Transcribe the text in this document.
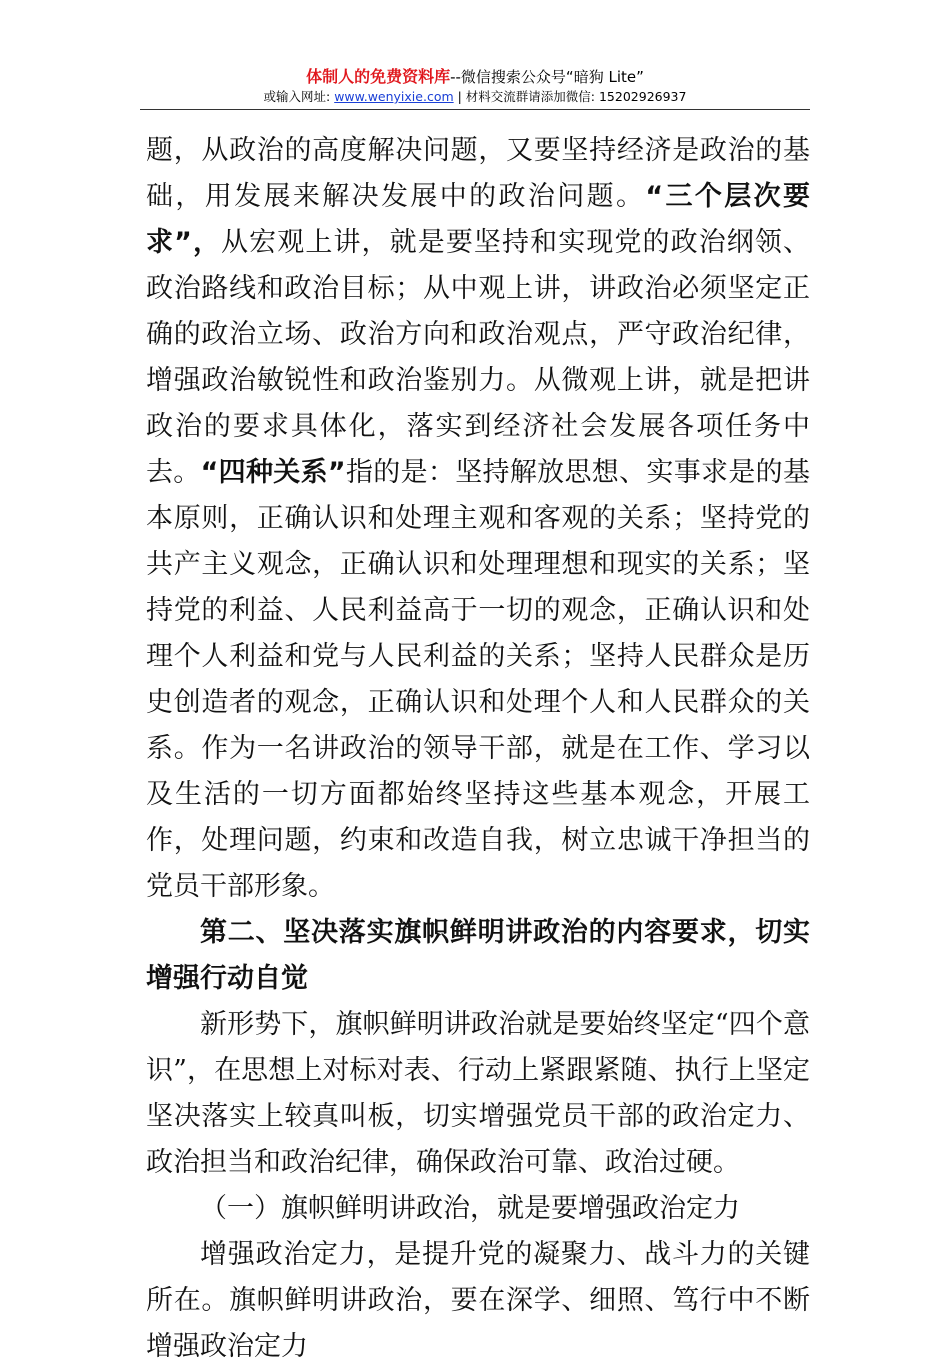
体制人的免费资料库--微信搜索公众号“暗狗 Lite”
或输入网址: www.wenyixie.com | 材料交流群请添加微信: 15202926937

题，从政治的高度解决问题，又要坚持经济是政治的基础，用发展来解决发展中的政治问题。“三个层次要求”，从宏观上讲，就是要坚持和实现党的政治纲领、政治路线和政治目标；从中观上讲，讲政治必须坚定正确的政治立场、政治方向和政治观点，严守政治纪律，增强政治敏锐性和政治鉴别力。从微观上讲，就是把讲政治的要求具体化，落实到经济社会发展各项任务中去。“四种关系”指的是：坚持解放思想、实事求是的基本原则，正确认识和处理主观和客观的关系；坚持党的共产主义观念，正确认识和处理理想和现实的关系；坚持党的利益、人民利益高于一切的观念，正确认识和处理个人利益和党与人民利益的关系；坚持人民群众是历史创造者的观念，正确认识和处理个人和人民群众的关系。作为一名讲政治的领导干部，就是在工作、学习以及生活的一切方面都始终坚持这些基本观念，开展工作，处理问题，约束和改造自我，树立忠诚干净担当的党员干部形象。

第二、坚决落实旗帜鲜明讲政治的内容要求，切实增强行动自觉

新形势下，旗帜鲜明讲政治就是要始终坚定“四个意识”，在思想上对标对表、行动上紧跟紧随、执行上坚定坚决落实上较真叫板，切实增强党员干部的政治定力、政治担当和政治纪律，确保政治可靠、政治过硬。

（一）旗帜鲜明讲政治，就是要增强政治定力

增强政治定力，是提升党的凝聚力、战斗力的关键所在。旗帜鲜明讲政治，要在深学、细照、笃行中不断增强政治定力
